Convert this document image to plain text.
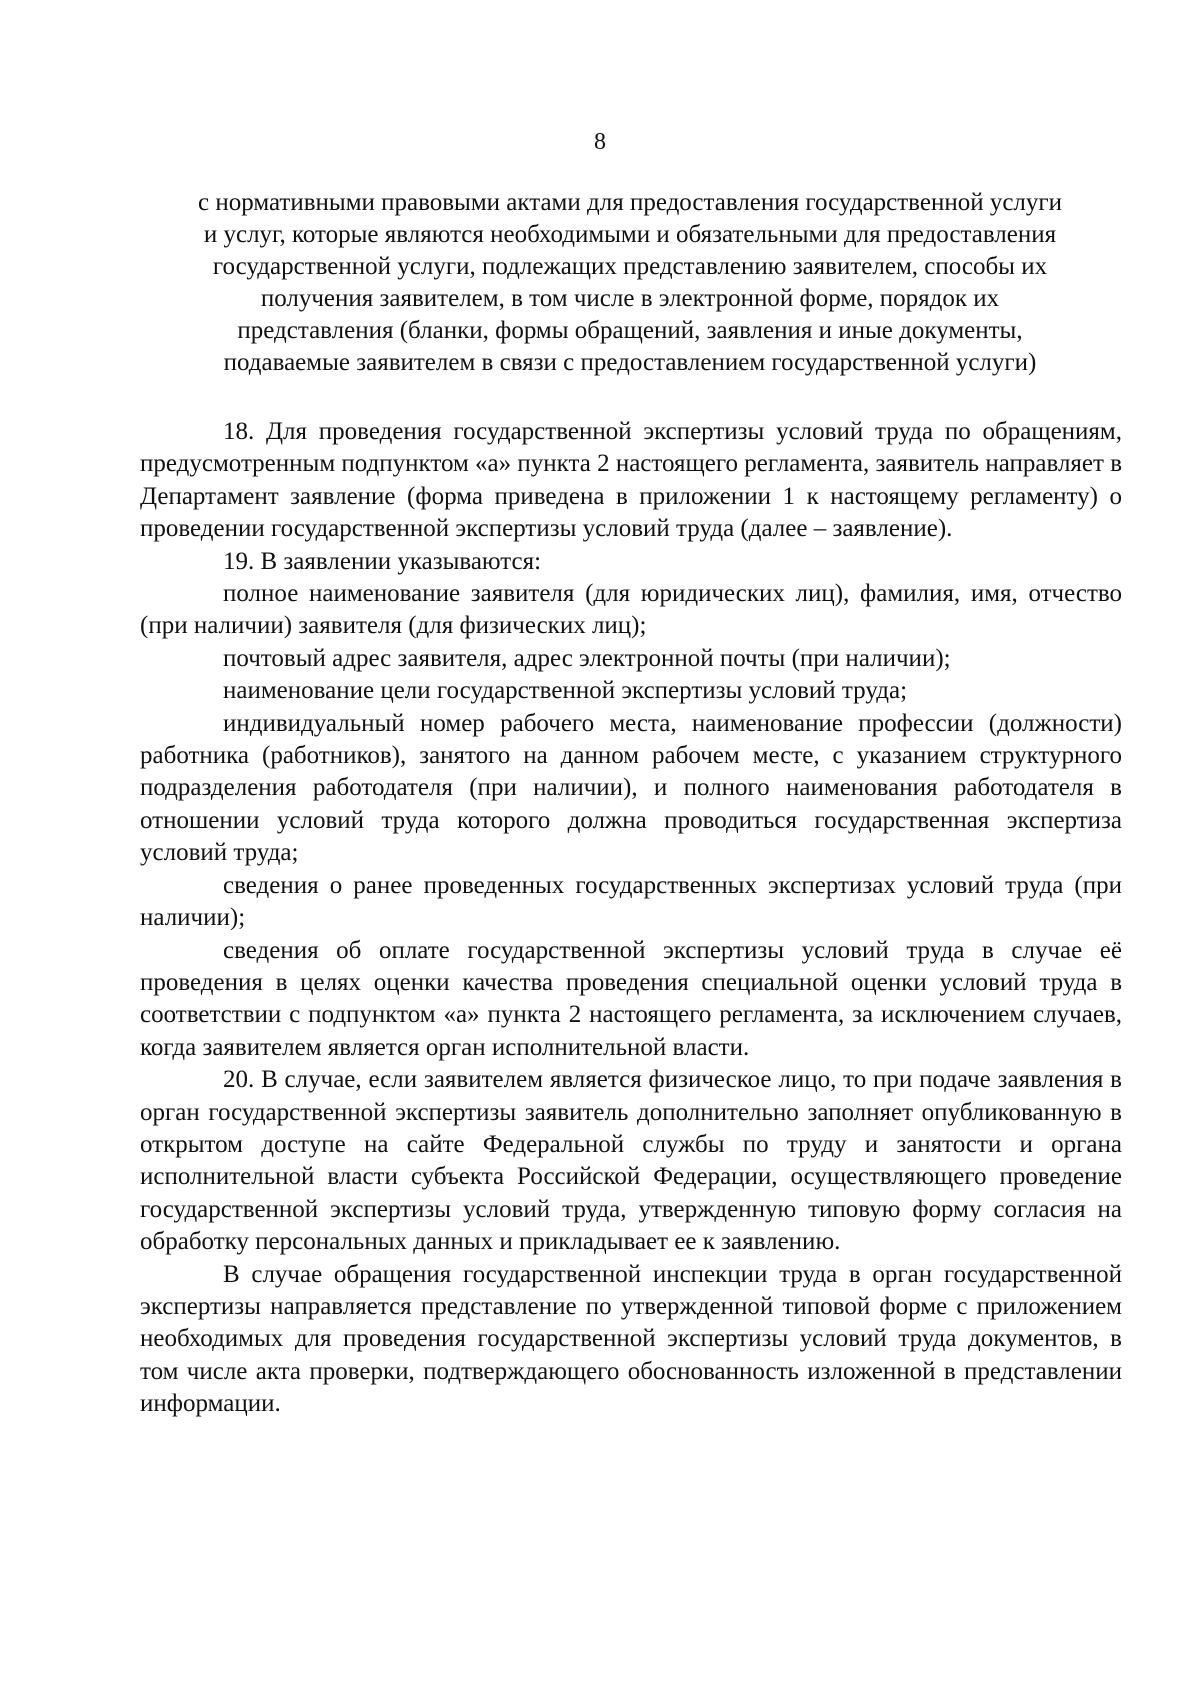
8
с нормативными правовыми актами для предоставления государственной услуги
и услуг, которые являются необходимыми и обязательными для предоставления
государственной услуги, подлежащих представлению заявителем, способы их
получения заявителем, в том числе в электронной форме, порядок их
представления (бланки, формы обращений, заявления и иные документы,
подаваемые заявителем в связи с предоставлением государственной услуги)

18. Для проведения государственной экспертизы условий труда по обращениям, предусмотренным подпунктом «а» пункта 2 настоящего регламента, заявитель направляет в Департамент заявление (форма приведена в приложении 1 к настоящему регламенту) о проведении государственной экспертизы условий труда (далее – заявление).

19. В заявлении указываются:

полное наименование заявителя (для юридических лиц), фамилия, имя, отчество (при наличии) заявителя (для физических лиц);

почтовый адрес заявителя, адрес электронной почты (при наличии);

наименование цели государственной экспертизы условий труда;

индивидуальный номер рабочего места, наименование профессии (должности) работника (работников), занятого на данном рабочем месте, с указанием структурного подразделения работодателя (при наличии), и полного наименования работодателя в отношении условий труда которого должна проводиться государственная экспертиза условий труда;

сведения о ранее проведенных государственных экспертизах условий труда (при наличии);

сведения об оплате государственной экспертизы условий труда в случае её проведения в целях оценки качества проведения специальной оценки условий труда в соответствии с подпунктом «а» пункта 2 настоящего регламента, за исключением случаев, когда заявителем является орган исполнительной власти.

20. В случае, если заявителем является физическое лицо, то при подаче заявления в орган государственной экспертизы заявитель дополнительно заполняет опубликованную в открытом доступе на сайте Федеральной службы по труду и занятости и органа исполнительной власти субъекта Российской Федерации, осуществляющего проведение государственной экспертизы условий труда, утвержденную типовую форму согласия на обработку персональных данных и прикладывает ее к заявлению.

В случае обращения государственной инспекции труда в орган государственной экспертизы направляется представление по утвержденной типовой форме с приложением необходимых для проведения государственной экспертизы условий труда документов, в том числе акта проверки, подтверждающего обоснованность изложенной в представлении информации.
